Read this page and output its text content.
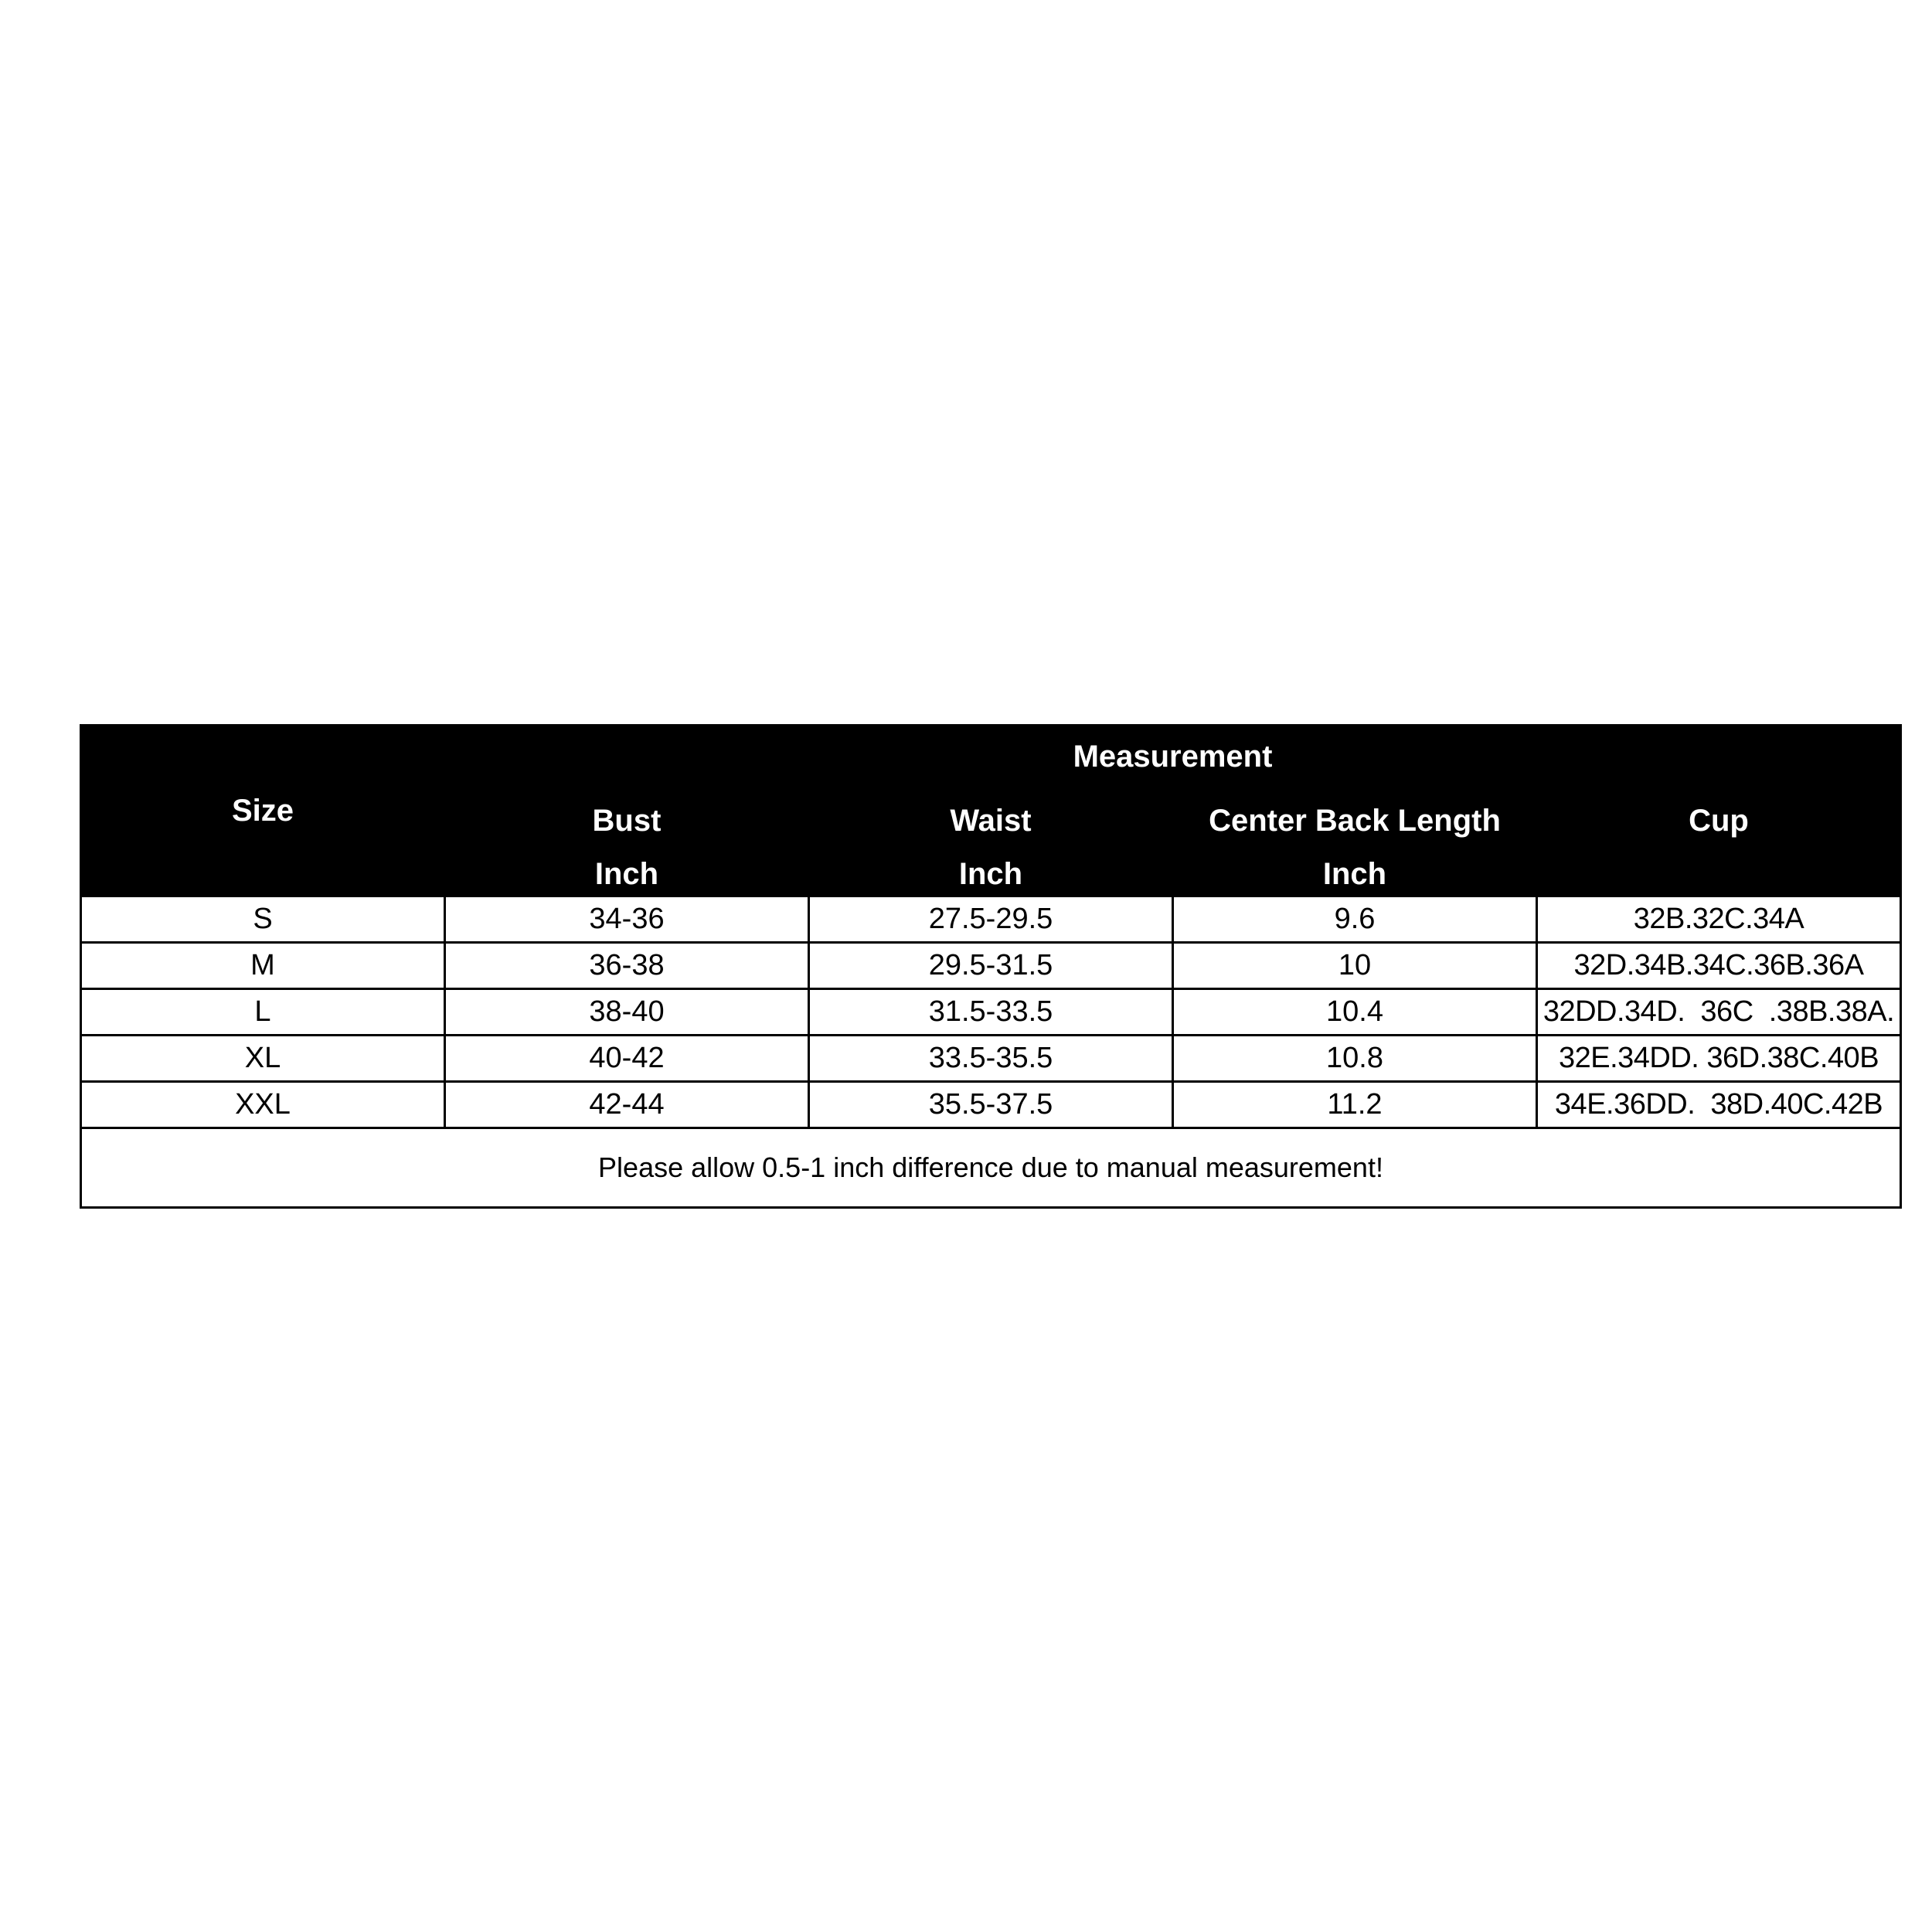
Size	Measurement			
	Bust	Waist	Center Back Length	Cup
	Inch	Inch	Inch	
S	34-36	27.5-29.5	9.6	32B.32C.34A
M	36-38	29.5-31.5	10	32D.34B.34C.36B.36A
L	38-40	31.5-33.5	10.4	32DD.34D.  36C  .38B.38A.
XL	40-42	33.5-35.5	10.8	32E.34DD. 36D.38C.40B
XXL	42-44	35.5-37.5	11.2	34E.36DD.  38D.40C.42B
Please allow 0.5-1 inch difference due to manual measurement!				
